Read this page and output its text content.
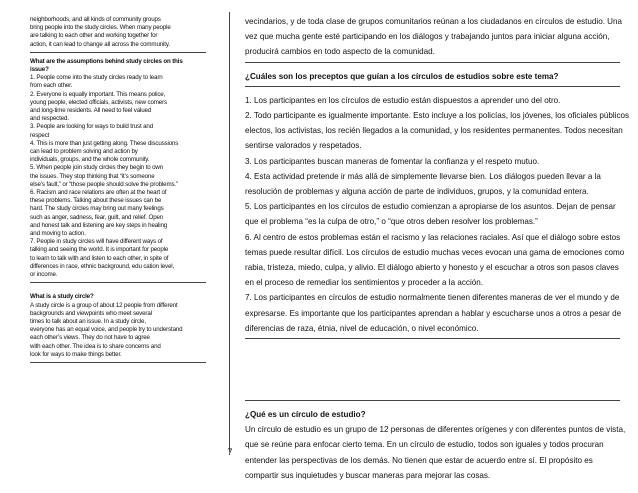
neighborhoods, and all kinds of community groups
bring people into the study circles. When many people
are talking to each other and working together for
action, it can lead to change all across the community.
What are the assumptions behind study circles on this
issue?
1. People come into the study circles ready to learn
from each other.
2. Everyone is equally important. This means police,
young people, elected officials, activists, new comers
and long-time residents. All need to feel valued
and respected.
3. People are looking for ways to build trust and
respect
4. This is more than just getting along. These discussions
can lead to problem solving and action by
individuals, groups, and the whole community.
5. When people join study circles they begin to own
the issues. They stop thinking that “it’s someone
else’s fault,” or “those people should solve the problems.”
6. Racism and race relations are often at the heart of
these problems. Talking about these issues can be
hard. The study circles may bring out many feelings
such as anger, sadness, fear, guilt, and relief. Open
and honest talk and listening are key steps in healing
and moving to action.
7. People in study circles will have different ways of
talking and seeing the world. It is important for people
to learn to talk with and listen to each other, in spite of
differences in race, ethnic background, edu cation level,
or income.
What is a study circle?
A study circle is a group of about 12 people from different
backgrounds and viewpoints who meet several
times to talk about an issue. In a study circle,
everyone has an equal voice, and people try to understand
each other’s views. They do not have to agree
with each other. The idea is to share concerns and
look for ways to make things better.
vecindarios, y de toda clase de grupos comunitarios reúnan a los ciudadanos en círculos de estudio. Una
vez que mucha gente esté participando en los diálogos y trabajando juntos para iniciar alguna acción,
producirá cambios en todo aspecto de la comunidad.
¿Cuáles son los preceptos que guían a los círculos de estudios sobre este tema?
1. Los participantes en los círculos de estudio están dispuestos a aprender uno del otro.
2. Todo participante es igualmente importante. Esto incluye a los policías, los jóvenes, los oficiales públicos
electos, los activistas, los recién llegados a la comunidad, y los residentes permanentes. Todos necesitan
sentirse valorados y respetados.
3. Los participantes buscan maneras de fomentar la confianza y el respeto mutuo.
4. Esta actividad pretende ir más allá de simplemente llevarse bien. Los diálogos pueden llevar a la
resolución de problemas y alguna acción de parte de individuos, grupos, y la comunidad entera.
5. Los participantes en los círculos de estudio comienzan a apropiarse de los asuntos. Dejan de pensar
que el problema “es la culpa de otro,” o “que otros deben resolver los problemas.”
6. Al centro de estos problemas están el racismo y las relaciones raciales. Así que el diálogo sobre estos
temas puede resultar difícil. Los círculos de estudio muchas veces evocan una gama de emociones como
rabia, tristeza, miedo, culpa, y alivio. El diálogo abierto y honesto y el escuchar a otros son pasos claves
en el proceso de remediar los sentimientos y proceder a la acción.
7. Los participantes en círculos de estudio normalmente tienen diferentes maneras de ver el mundo y de
expresarse. Es importante que los participantes aprendan a hablar y escucharse unos a otros a pesar de
diferencias de raza, étnia, nivel de educación, o nivel económico.
¿Qué es un círculo de estudio?
Un círculo de estudio es un grupo de 12 personas de diferentes orígenes y con diferentes puntos de vista,
que se reúne para enfocar cierto tema. En un círculo de estudio, todos son iguales y todos procuran
entender las perspectivas de los demás. No tienen que estar de acuerdo entre sí. El propósito es
compartir sus inquietudes y buscar maneras para mejorar las cosas.
7
